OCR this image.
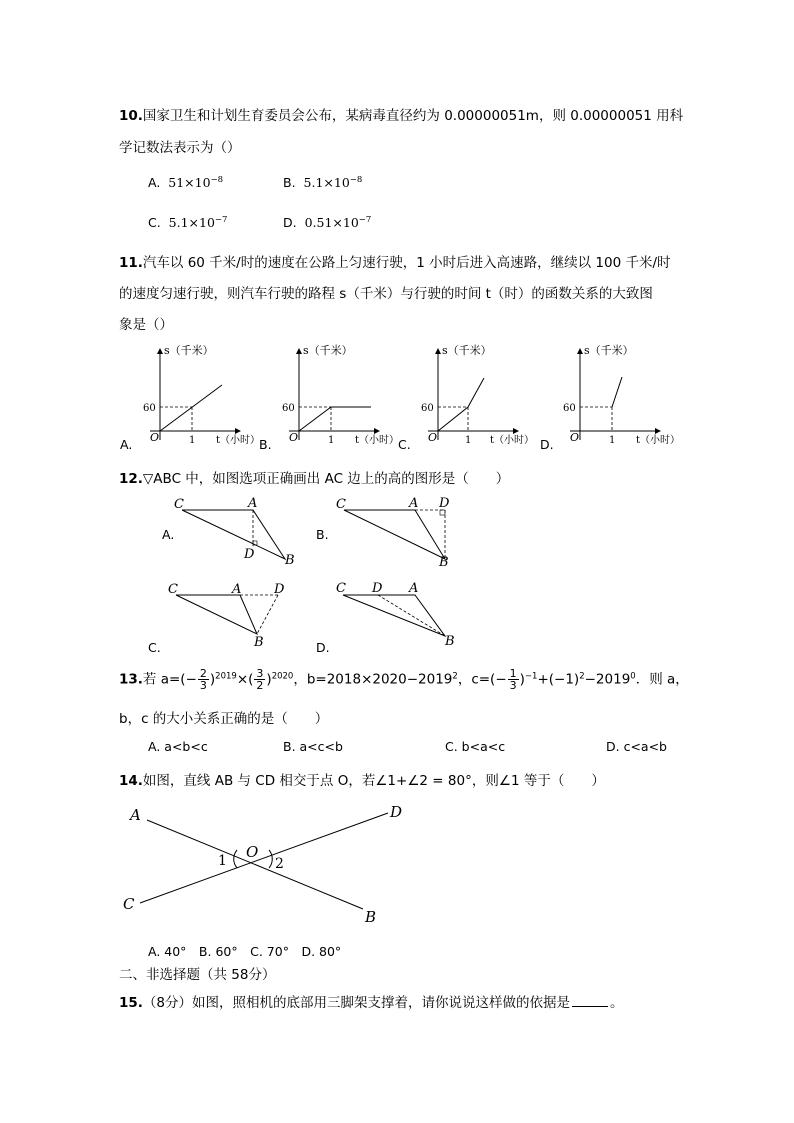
10.国家卫生和计划生育委员会公布，某病毒直径约为 0.00000051m，则 0.00000051 用科
学记数法表示为（）
A. $51\times 10^{-8}$	B. $5.1\times 10^{-8}$
C. $5.1\times 10^{-7}$	D. $0.51\times 10^{-7}$
11.汽车以 60 千米/时的速度在公路上匀速行驶，1 小时后进入高速路，继续以 100 千米/时
的速度匀速行驶，则汽车行驶的路程 s（千米）与行驶的时间 t（时）的函数关系的大致图
象是（）
s（千米）
60
O	1 t（小时）
A.
s（千米）
60
O	1 t（小时）
B.
s（千米）
60
O	1 t（小时）
C.
s（千米）
60
O	1 t（小时）
D.
12.▽ABC 中，如图选项正确画出 AC 边上的高的图形是（　　）
C	A
D B
A.
C	A D
B
B.
C	A	D
B
C.
C D A
B
D.
13.若 $a=(- \frac{2}{3} )^{2019}\times( \frac{3}{2} )^{2020}$，$b=2018\times 2020-2019^2$，$c=(- \frac{1}{3} )^{-1}+(-1)^2-2019^0$．则 a，
b，c 的大小关系正确的是（　　）
A. a<b<c	B. a<c<b	C. b<a<c	D. c<a<b
14.如图，直线 AB 与 CD 相交于点 O，若∠1+∠2 = 80°，则∠1 等于（　　）
A	D
C
B
O
1	2
A. 40°　B. 60°　C. 70°　D. 80°
二、非选择题（共 58分）
15.（8分）如图，照相机的底部用三脚架支撑着，请你说说这样做的依据是	。
